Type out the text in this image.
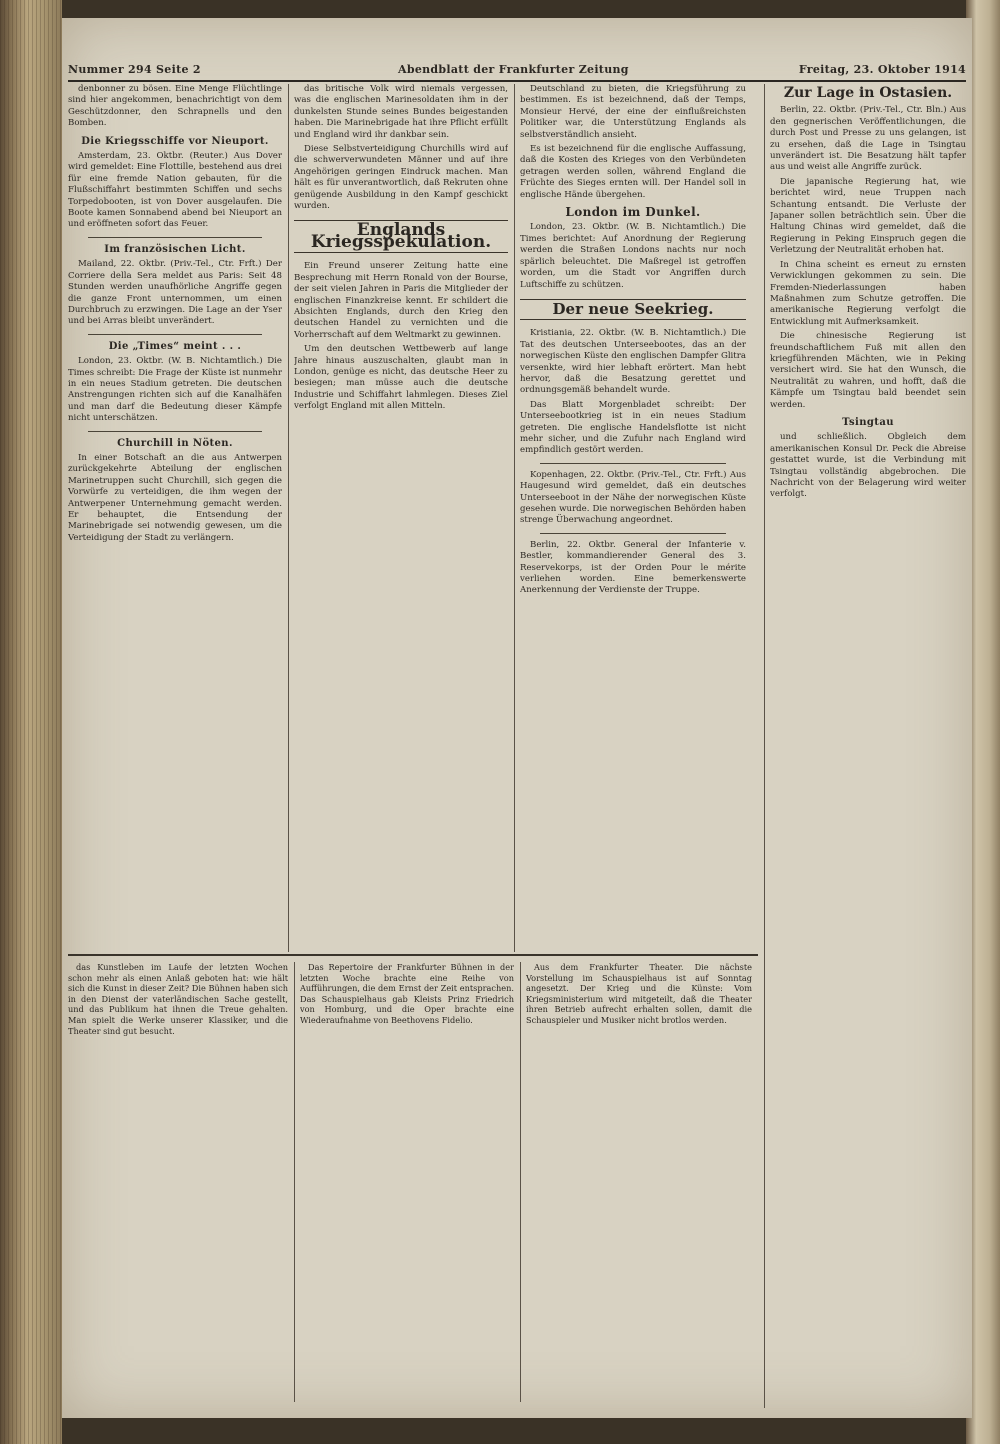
Nummer 294 Seite 2	Abendblatt der Frankfurter Zeitung	Freitag, 23. Oktober 1914

denbonner zu bösen. Eine Menge Flüchtlinge sind hier angekommen, benachrichtigt von dem Geschützdonner, den Schrapnells und den Bomben.

Die Kriegsschiffe vor Nieuport.

Amsterdam, 23. Oktbr. (Reuter.) Aus Dover wird gemeldet: Eine Flottille, bestehend aus drei für eine fremde Nation gebauten, für die Flußschiffahrt bestimmten Schiffen und sechs Torpedobooten, ist von Dover ausgelaufen. Die Boote kamen Sonnabend abend bei Nieuport an und eröffneten sofort das Feuer.

Im französischen Licht.

Mailand, 22. Oktbr. (Priv.-Tel., Ctr. Frft.) Der Corriere della Sera meldet aus Paris: Seit 48 Stunden werden unaufhörliche Angriffe gegen die ganze Front unternommen, um einen Durchbruch zu erzwingen. Die Lage an der Yser und bei Arras bleibt unverändert.

Die „Times“ meint . . .

London, 23. Oktbr. (W. B. Nichtamtlich.) Die Times schreibt: Die Frage der Küste ist nunmehr in ein neues Stadium getreten. Die deutschen Anstrengungen richten sich auf die Kanalhäfen und man darf die Bedeutung dieser Kämpfe nicht unterschätzen.

Churchill in Nöten.

In einer Botschaft an die aus Antwerpen zurückgekehrte Abteilung der englischen Marinetruppen sucht Churchill, sich gegen die Vorwürfe zu verteidigen, die ihm wegen der Antwerpener Unternehmung gemacht werden. Er behauptet, die Entsendung der Marinebrigade sei notwendig gewesen, um die Verteidigung der Stadt zu verlängern.

das britische Volk wird niemals vergessen, was die englischen Marinesoldaten ihm in der dunkelsten Stunde seines Bundes beigestanden haben. Die Marinebrigade hat ihre Pflicht erfüllt und England wird ihr dankbar sein.

Diese Selbstverteidigung Churchills wird auf die schwerverwundeten Männer und auf ihre Angehörigen geringen Eindruck machen. Man hält es für unverantwortlich, daß Rekruten ohne genügende Ausbildung in den Kampf geschickt wurden.

Englands Kriegsspekulation.

Ein Freund unserer Zeitung hatte eine Besprechung mit Herrn Ronald von der Bourse, der seit vielen Jahren in Paris die Mitglieder der englischen Finanzkreise kennt. Er schildert die Absichten Englands, durch den Krieg den deutschen Handel zu vernichten und die Vorherrschaft auf dem Weltmarkt zu gewinnen.

Um den deutschen Wettbewerb auf lange Jahre hinaus auszuschalten, glaubt man in London, genüge es nicht, das deutsche Heer zu besiegen; man müsse auch die deutsche Industrie und Schiffahrt lahmlegen. Dieses Ziel verfolgt England mit allen Mitteln.

Deutschland zu bieten, die Kriegsführung zu bestimmen. Es ist bezeichnend, daß der Temps, Monsieur Hervé, der eine der einflußreichsten Politiker war, die Unterstützung Englands als selbstverständlich ansieht.

Es ist bezeichnend für die englische Auffassung, daß die Kosten des Krieges von den Verbündeten getragen werden sollen, während England die Früchte des Sieges ernten will. Der Handel soll in englische Hände übergehen.

London im Dunkel.

London, 23. Oktbr. (W. B. Nichtamtlich.) Die Times berichtet: Auf Anordnung der Regierung werden die Straßen Londons nachts nur noch spärlich beleuchtet. Die Maßregel ist getroffen worden, um die Stadt vor Angriffen durch Luftschiffe zu schützen.

Der neue Seekrieg.

Kristiania, 22. Oktbr. (W. B. Nichtamtlich.) Die Tat des deutschen Unterseebootes, das an der norwegischen Küste den englischen Dampfer Glitra versenkte, wird hier lebhaft erörtert. Man hebt hervor, daß die Besatzung gerettet und ordnungsgemäß behandelt wurde.

Das Blatt Morgenbladet schreibt: Der Unterseebootkrieg ist in ein neues Stadium getreten. Die englische Handelsflotte ist nicht mehr sicher, und die Zufuhr nach England wird empfindlich gestört werden.

Kopenhagen, 22. Oktbr. (Priv.-Tel., Ctr. Frft.) Aus Haugesund wird gemeldet, daß ein deutsches Unterseeboot in der Nähe der norwegischen Küste gesehen wurde. Die norwegischen Behörden haben strenge Überwachung angeordnet.

Berlin, 22. Oktbr. General der Infanterie v. Bestler, kommandierender General des 3. Reservekorps, ist der Orden Pour le mérite verliehen worden. Eine bemerkenswerte Anerkennung der Verdienste der Truppe.

Zur Lage in Ostasien.

Berlin, 22. Oktbr. (Priv.-Tel., Ctr. Bln.) Aus den gegnerischen Veröffentlichungen, die durch Post und Presse zu uns gelangen, ist zu ersehen, daß die Lage in Tsingtau unverändert ist. Die Besatzung hält tapfer aus und weist alle Angriffe zurück.

Die japanische Regierung hat, wie berichtet wird, neue Truppen nach Schantung entsandt. Die Verluste der Japaner sollen beträchtlich sein. Über die Haltung Chinas wird gemeldet, daß die Regierung in Peking Einspruch gegen die Verletzung der Neutralität erhoben hat.

In China scheint es erneut zu ernsten Verwicklungen gekommen zu sein. Die Fremden-Niederlassungen haben Maßnahmen zum Schutze getroffen. Die amerikanische Regierung verfolgt die Entwicklung mit Aufmerksamkeit.

Die chinesische Regierung ist freundschaftlichem Fuß mit allen den kriegführenden Mächten, wie in Peking versichert wird. Sie hat den Wunsch, die Neutralität zu wahren, und hofft, daß die Kämpfe um Tsingtau bald beendet sein werden.

Tsingtau

und schließlich. Obgleich dem amerikanischen Konsul Dr. Peck die Abreise gestattet wurde, ist die Verbindung mit Tsingtau vollständig abgebrochen. Die Nachricht von der Belagerung wird weiter verfolgt.

das Kunstleben im Laufe der letzten Wochen schon mehr als einen Anlaß geboten hat: wie hält sich die Kunst in dieser Zeit? Die Bühnen haben sich in den Dienst der vaterländischen Sache gestellt, und das Publikum hat ihnen die Treue gehalten. Man spielt die Werke unserer Klassiker, und die Theater sind gut besucht.

Das Repertoire der Frankfurter Bühnen in der letzten Woche brachte eine Reihe von Aufführungen, die dem Ernst der Zeit entsprachen. Das Schauspielhaus gab Kleists Prinz Friedrich von Homburg, und die Oper brachte eine Wiederaufnahme von Beethovens Fidelio.

Aus dem Frankfurter Theater. Die nächste Vorstellung im Schauspielhaus ist auf Sonntag angesetzt. Der Krieg und die Künste: Vom Kriegsministerium wird mitgeteilt, daß die Theater ihren Betrieb aufrecht erhalten sollen, damit die Schauspieler und Musiker nicht brotlos werden.
